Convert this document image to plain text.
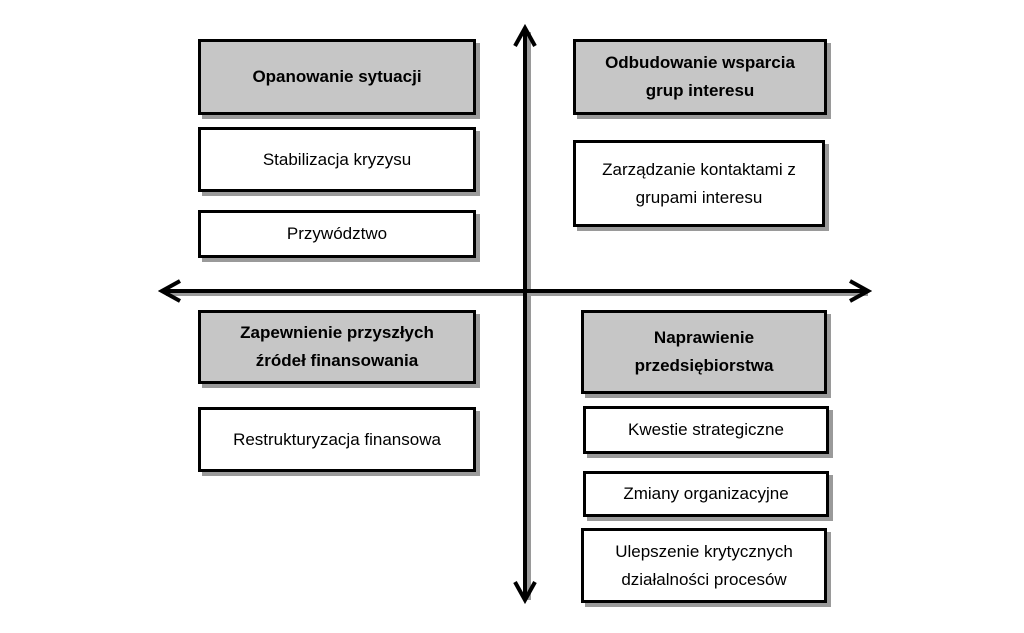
Opanowanie sytuacji
Stabilizacja kryzysu
Przywództwo
Odbudowanie wsparcia
grup interesu
Zarządzanie kontaktami z
grupami interesu
Zapewnienie przyszłych
źródeł finansowania
Restrukturyzacja finansowa
Naprawienie
przedsiębiorstwa
Kwestie strategiczne
Zmiany organizacyjne
Ulepszenie krytycznych
działalności procesów
